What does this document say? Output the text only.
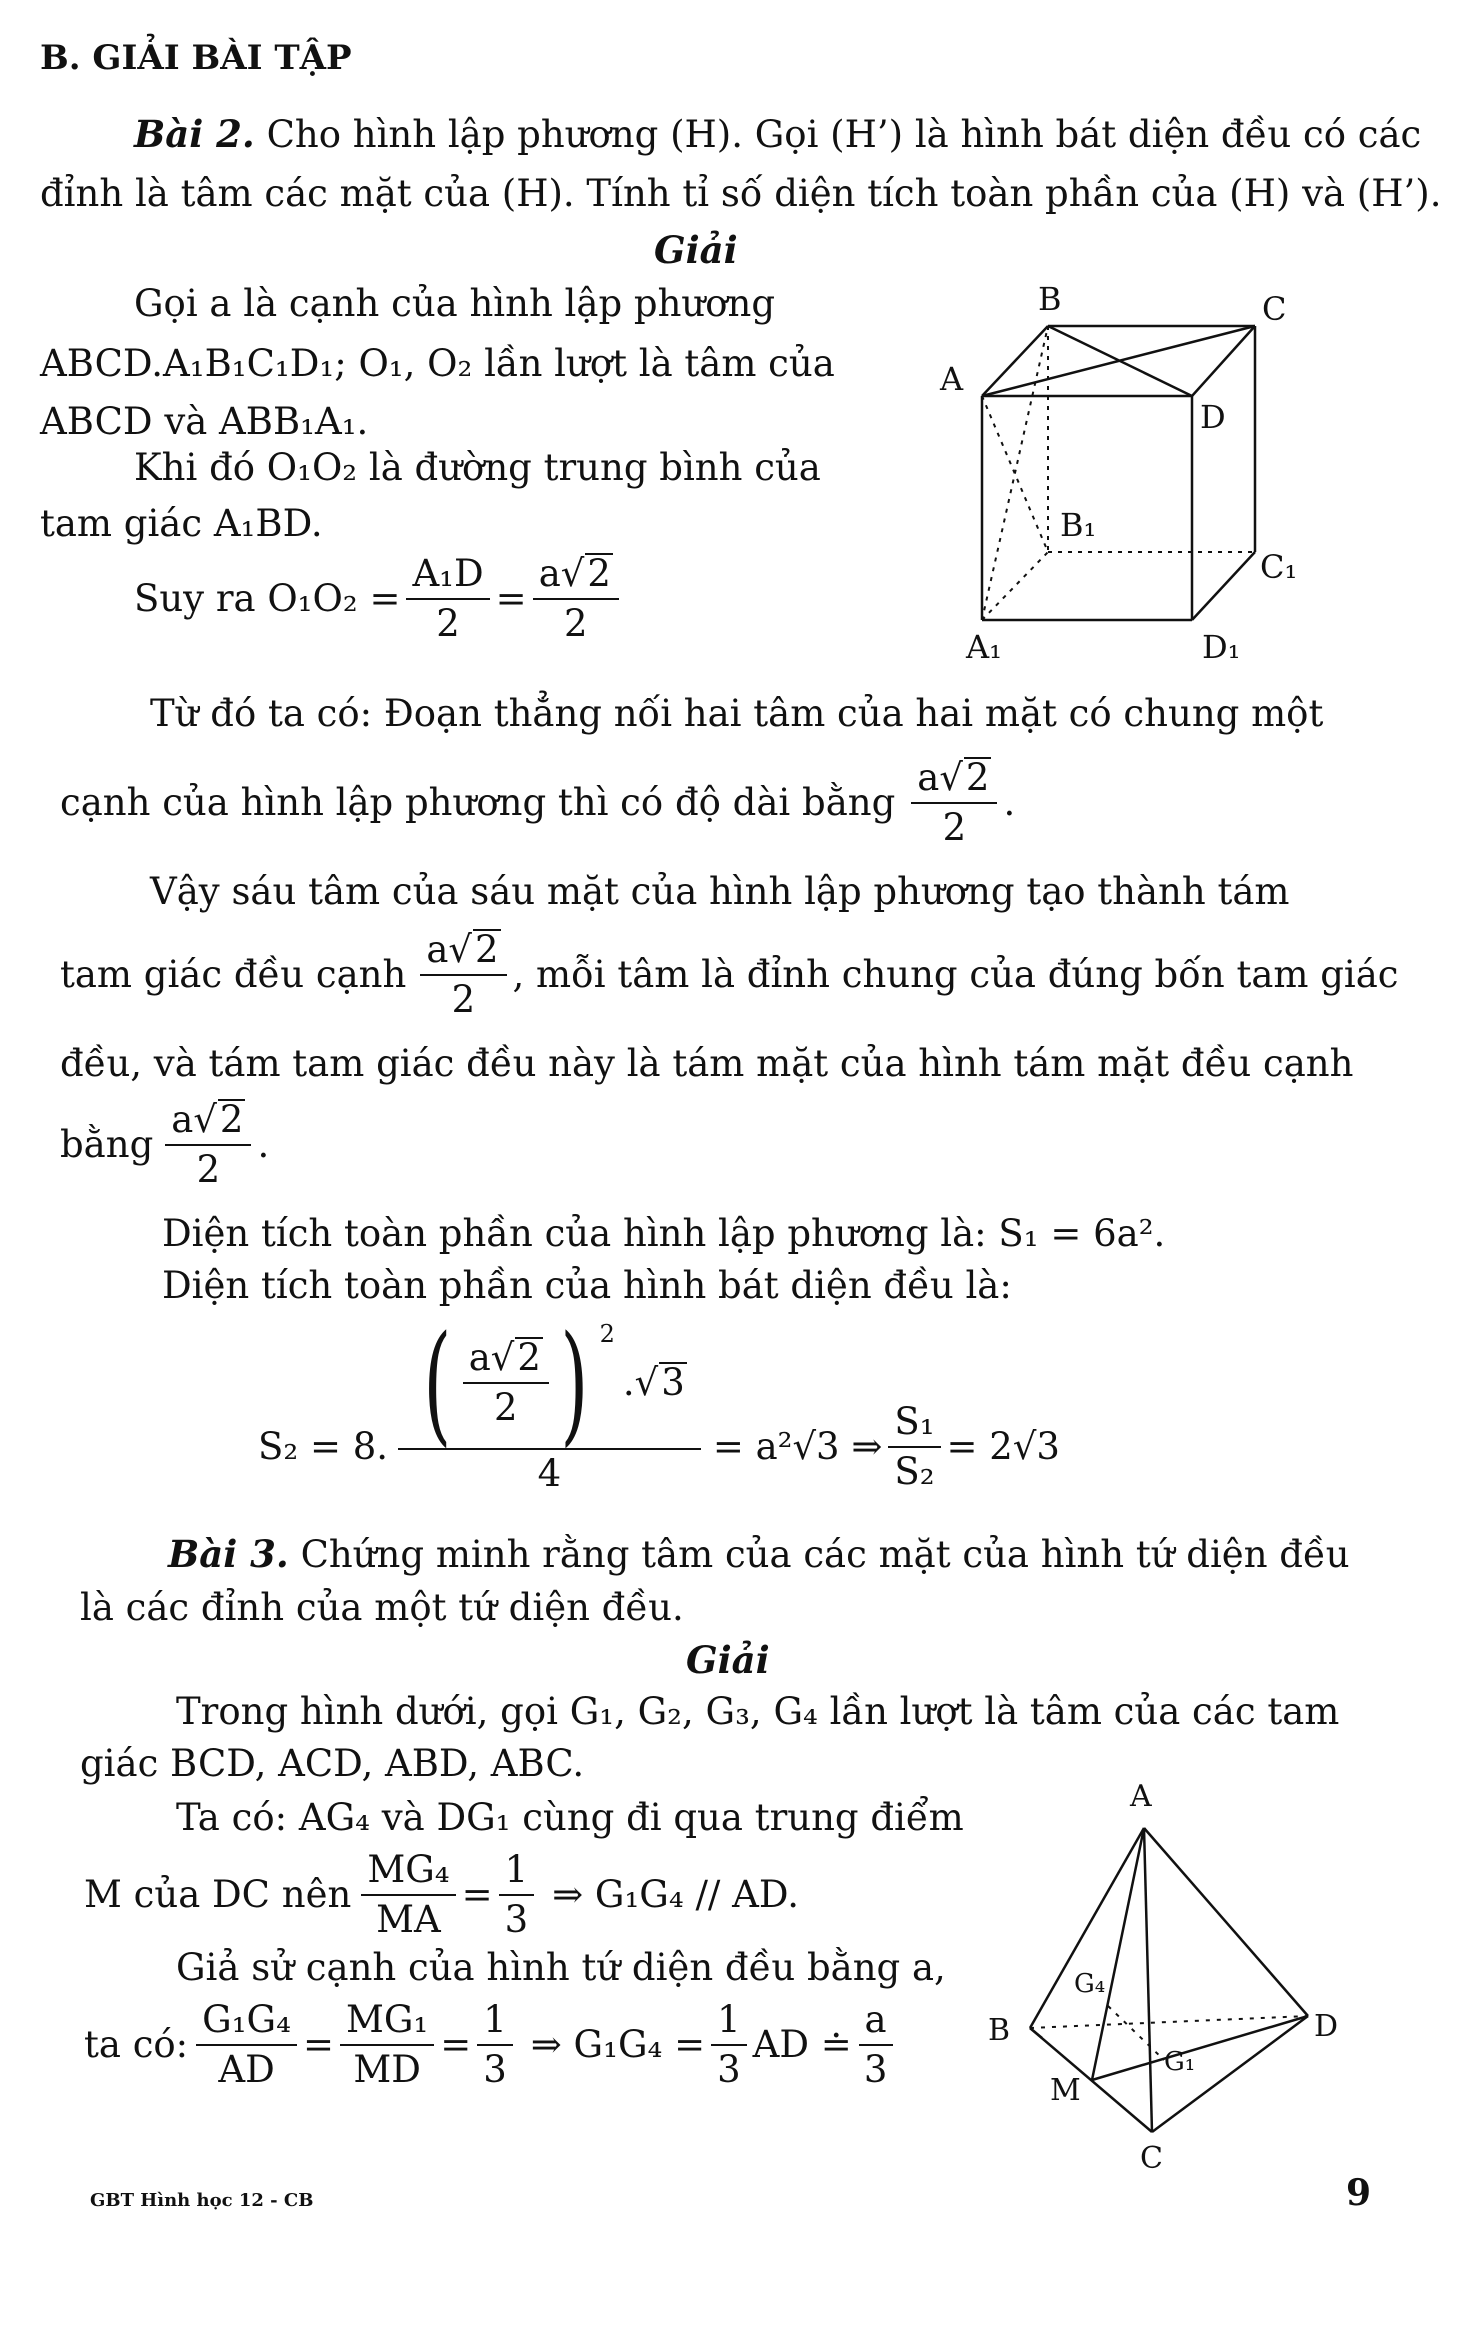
B. GIẢI BÀI TẬP
Bài 2. Cho hình lập phương (H). Gọi (H’) là hình bát diện đều có các
đỉnh là tâm các mặt của (H). Tính tỉ số diện tích toàn phần của (H) và (H’).
Giải
Gọi a là cạnh của hình lập phương
ABCD.A₁B₁C₁D₁; O₁, O₂ lần lượt là tâm của
ABCD và ABB₁A₁.
Khi đó O₁O₂ là đường trung bình của
tam giác A₁BD.
Suy ra $O_1O_2 = \frac{\text{A₁D}}{2} = \frac{a√2}{2}$
B	C
A
D
B₁
C₁
A₁	D₁
Từ đó ta có: Đoạn thẳng nối hai tâm của hai mặt có chung một
cạnh của hình lập phương thì có độ dài bằng $\frac{a√2}{2}$ .
Vậy sáu tâm của sáu mặt của hình lập phương tạo thành tám
tam giác đều cạnh $\frac{a√2}{2}$ , mỗi tâm là đỉnh chung của đúng bốn tam giác
đều, và tám tam giác đều này là tám mặt của hình tám mặt đều cạnh
bằng $\frac{a√2}{2}$ .
Diện tích toàn phần của hình lập phương là: S₁ = 6a².
Diện tích toàn phần của hình bát diện đều là:
S₂ = 8. ( $\frac{a√2}{2}$ ) 2
.√3
4
= a²√3 ⇒ $\frac{\text{S₁}}{\text{S₂}} = 2√3$
Bài 3. Chứng minh rằng tâm của các mặt của hình tứ diện đều
là các đỉnh của một tứ diện đều.
Giải
Trong hình dưới, gọi G₁, G₂, G₃, G₄ lần lượt là tâm của các tam
giác BCD, ACD, ABD, ABC.
Ta có: AG₄ và DG₁ cùng đi qua trung điểm
M của DC nên $\frac{\text{MG₄}}{MA} = \frac{1}{3}$ ⇒ G₁G₄ // AD.
Giả sử cạnh của hình tứ diện đều bằng a,
ta có: $\frac{\text{G₁G₄}}{AD} = \frac{\text{MG₁}}{MD} = \frac{1}{3}$ ⇒ $G_1G_4 = \frac{1}{3}$ AD ≐ $\frac{a}{3}$
A
B	D
C
M
G₁
G₄
GBT Hình học 12 - CB	9
